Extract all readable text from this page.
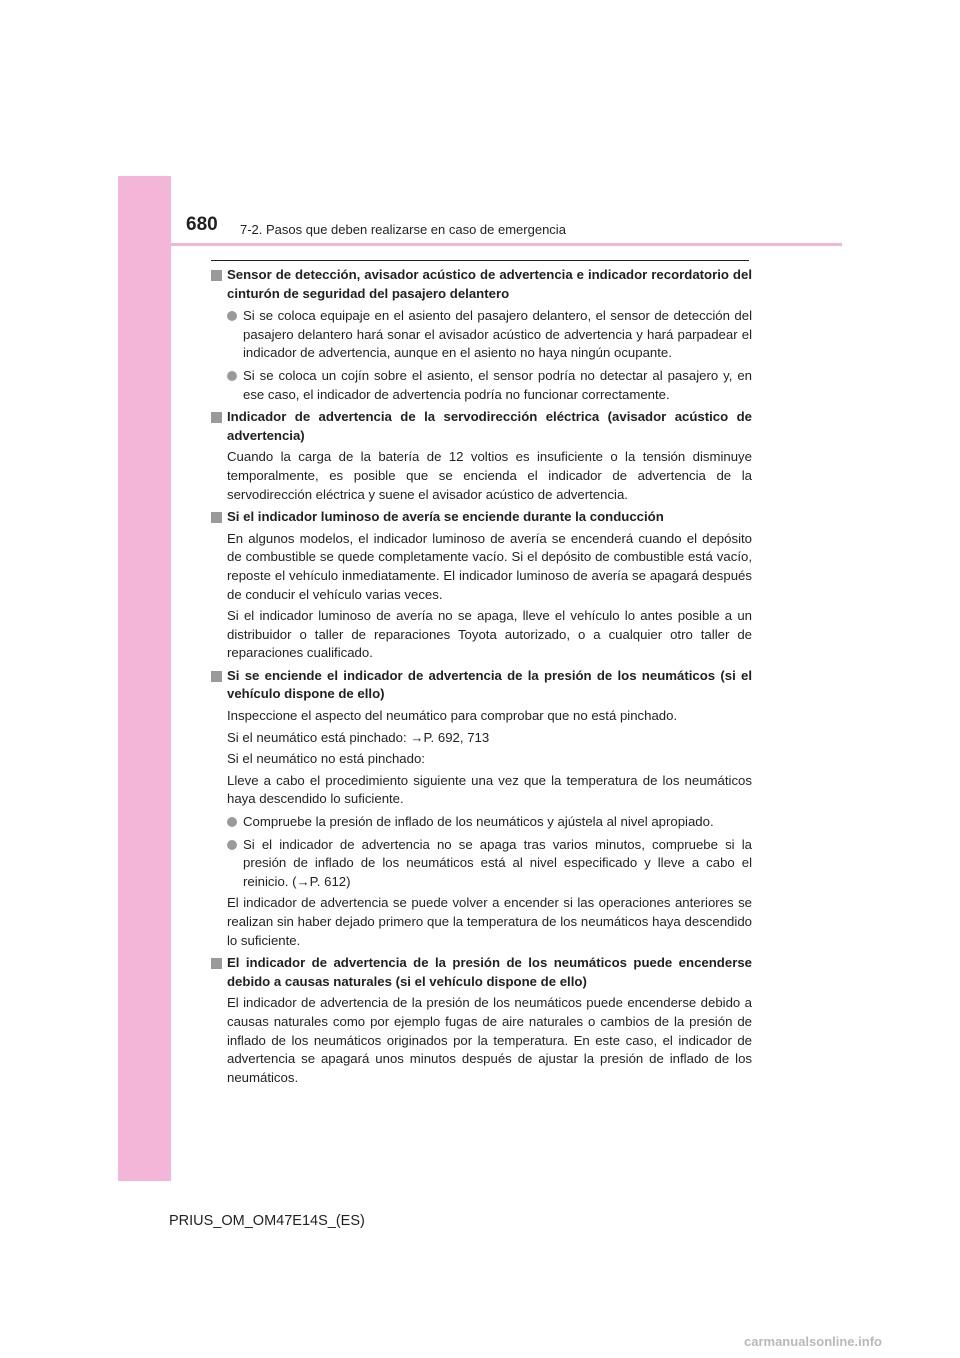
680 7-2. Pasos que deben realizarse en caso de emergencia
Sensor de detección, avisador acústico de advertencia e indicador recordatorio del cinturón de seguridad del pasajero delantero
Si se coloca equipaje en el asiento del pasajero delantero, el sensor de detección del pasajero delantero hará sonar el avisador acústico de advertencia y hará parpadear el indicador de advertencia, aunque en el asiento no haya ningún ocupante.
Si se coloca un cojín sobre el asiento, el sensor podría no detectar al pasajero y, en ese caso, el indicador de advertencia podría no funcionar correctamente.
Indicador de advertencia de la servodirección eléctrica (avisador acústico de advertencia)
Cuando la carga de la batería de 12 voltios es insuficiente o la tensión disminuye temporalmente, es posible que se encienda el indicador de advertencia de la servodirección eléctrica y suene el avisador acústico de advertencia.
Si el indicador luminoso de avería se enciende durante la conducción
En algunos modelos, el indicador luminoso de avería se encenderá cuando el depósito de combustible se quede completamente vacío. Si el depósito de combustible está vacío, reposte el vehículo inmediatamente. El indicador luminoso de avería se apagará después de conducir el vehículo varias veces.
Si el indicador luminoso de avería no se apaga, lleve el vehículo lo antes posible a un distribuidor o taller de reparaciones Toyota autorizado, o a cualquier otro taller de reparaciones cualificado.
Si se enciende el indicador de advertencia de la presión de los neumáticos (si el vehículo dispone de ello)
Inspeccione el aspecto del neumático para comprobar que no está pinchado.
Si el neumático está pinchado: →P. 692, 713
Si el neumático no está pinchado:
Lleve a cabo el procedimiento siguiente una vez que la temperatura de los neumáticos haya descendido lo suficiente.
Compruebe la presión de inflado de los neumáticos y ajústela al nivel apropiado.
Si el indicador de advertencia no se apaga tras varios minutos, compruebe si la presión de inflado de los neumáticos está al nivel especificado y lleve a cabo el reinicio. (→P. 612)
El indicador de advertencia se puede volver a encender si las operaciones anteriores se realizan sin haber dejado primero que la temperatura de los neumáticos haya descendido lo suficiente.
El indicador de advertencia de la presión de los neumáticos puede encenderse debido a causas naturales (si el vehículo dispone de ello)
El indicador de advertencia de la presión de los neumáticos puede encenderse debido a causas naturales como por ejemplo fugas de aire naturales o cambios de la presión de inflado de los neumáticos originados por la temperatura. En este caso, el indicador de advertencia se apagará unos minutos después de ajustar la presión de inflado de los neumáticos.
PRIUS_OM_OM47E14S_(ES)
carmanualsonline.info
